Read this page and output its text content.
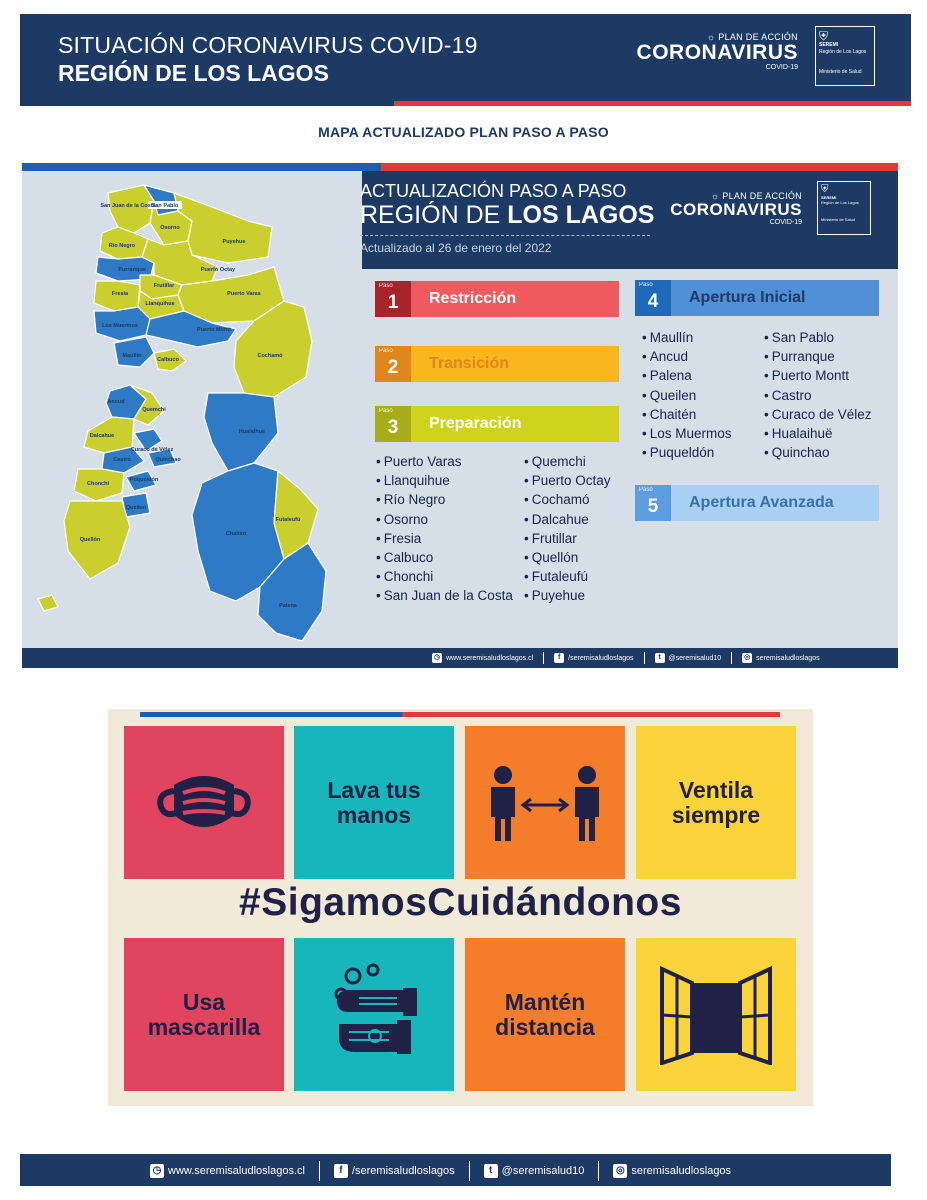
SITUACIÓN CORONAVIRUS COVID-19
REGIÓN DE LOS LAGOS
☼ PLAN DE ACCIÓN
CORONAVIRUS
COVID-19
⛨
SEREMI
Región de Los Lagos
Ministerio de Salud
MAPA ACTUALIZADO PLAN PASO A PASO
☼ PLAN DE ACCIÓN
CORONAVIRUS
COVID-19
⛨
SEREMI
Región de Los Lagos
Ministerio de Salud
San Pablo
San Juan de la Costa
Osorno
Puyehue
Río Negro
Purranque	Puerto Octay
Fresia
Frutillar
Llanquihue
Puerto Varas
Los Muermos
Puerto Montt
Maullín
Calbuco
Cochamó
Ancud
Quemchi
Hualaihuë
Dalcahue
Castro
Curaco de Vélez
Quinchao
Chonchi
Puqueldón
Queilen
Quellón
Chaitén
Futaleufú
Palena
ACTUALIZACIÓN PASO A PASO
REGIÓN DE LOS LAGOS
Actualizado al 26 de enero del 2022
Paso
1	Restricción
Paso
2	Transición
Paso
3	Preparación
Paso
4	Apertura Inicial
Paso
5	Apertura Avanzada
• Puerto Varas
• Llanquihue
• Río Negro
• Osorno
• Fresia
• Calbuco
• Chonchi
• San Juan de la Costa
• Quemchi
• Puerto Octay
• Cochamó
• Dalcahue
• Frutillar
• Quellón
• Futaleufú
• Puyehue
• Maullín
• Ancud
• Palena
• Queilen
• Chaitén
• Los Muermos
• Puqueldón
• San Pablo
• Purranque
• Puerto Montt
• Castro
• Curaco de Vélez
• Hualaihuë
• Quinchao
◷ www.seremisaludloslagos.cl	f	/seremisaludloslagos	t	@seremisalud10	◎ seremisaludloslagos
Lava tus manos
Ventila siempre
#SigamosCuidándonos
Usa mascarilla
Mantén distancia
◷ www.seremisaludloslagos.cl	f /seremisaludloslagos	t @seremisalud10	◎ seremisaludloslagos
